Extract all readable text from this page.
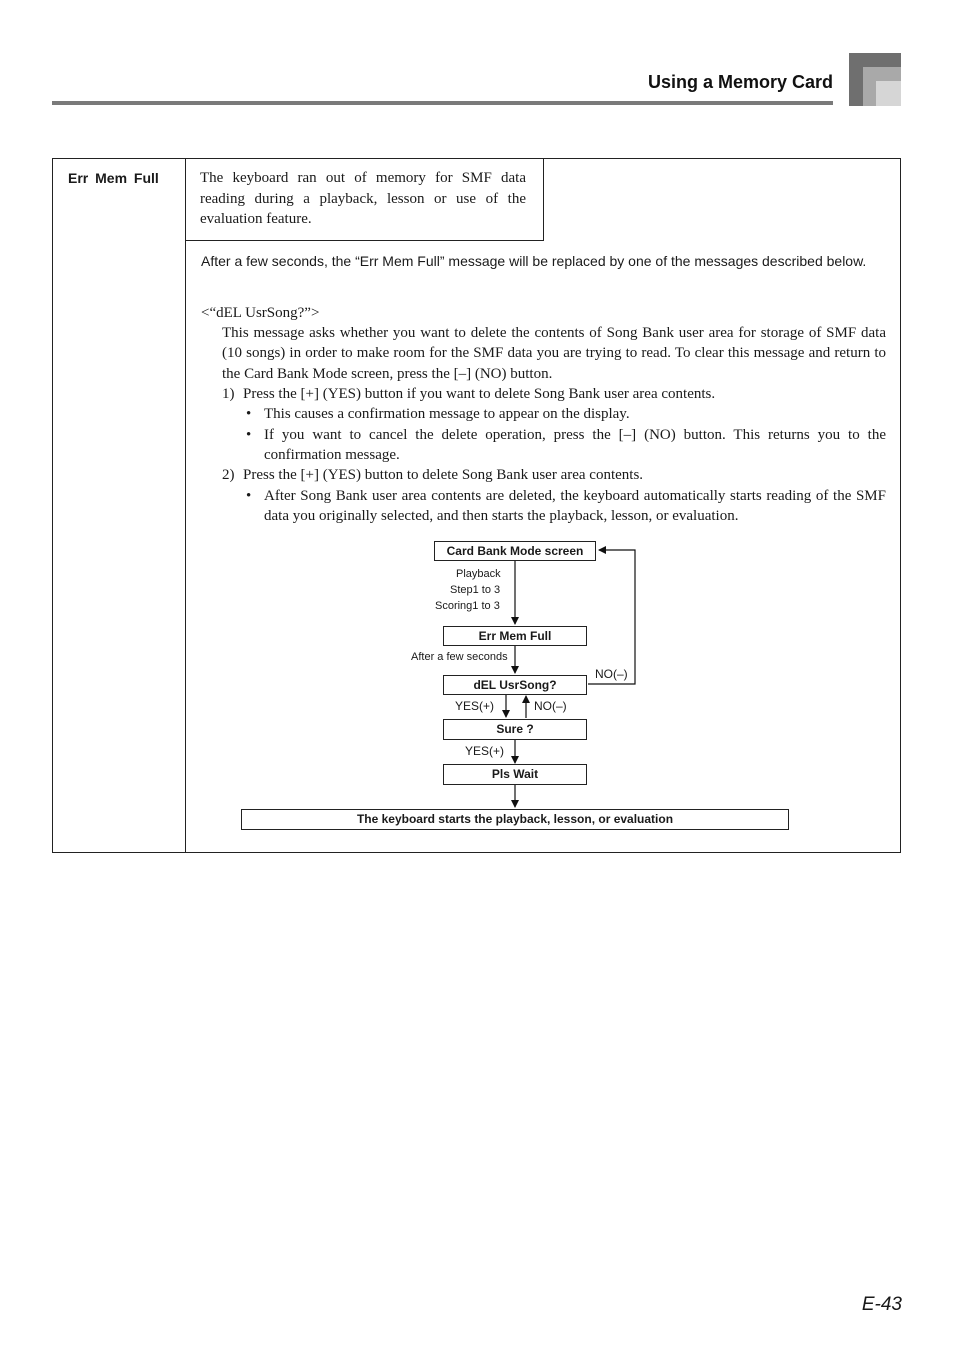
Using a Memory Card
Err Mem Full	The keyboard ran out of memory for SMF data reading during a playback, lesson or use of the evaluation feature.
After a few seconds, the “Err Mem Full” message will be replaced by one of the messages described below.
<“dEL UsrSong?”>
This message asks whether you want to delete the contents of Song Bank user area for storage of SMF data (10 songs) in order to make room for the SMF data you are trying to read. To clear this message and return to the Card Bank Mode screen, press the [–] (NO) button.
1) Press the [+] (YES) button if you want to delete Song Bank user area contents.
• This causes a confirmation message to appear on the display.
• If you want to cancel the delete operation, press the [–] (NO) button. This returns you to the confirmation message.
2) Press the [+] (YES) button to delete Song Bank user area contents.
• After Song Bank user area contents are deleted, the keyboard automatically starts reading of the SMF data you originally selected, and then starts the playback, lesson, or evaluation.
Card Bank Mode screen
Err Mem Full
dEL UsrSong?
Sure ?
Pls Wait
The keyboard starts the playback, lesson, or evaluation
Playback
Step1 to 3
Scoring1 to 3
After a few seconds
NO(–)
YES(+)	NO(–)
YES(+)
E-43
